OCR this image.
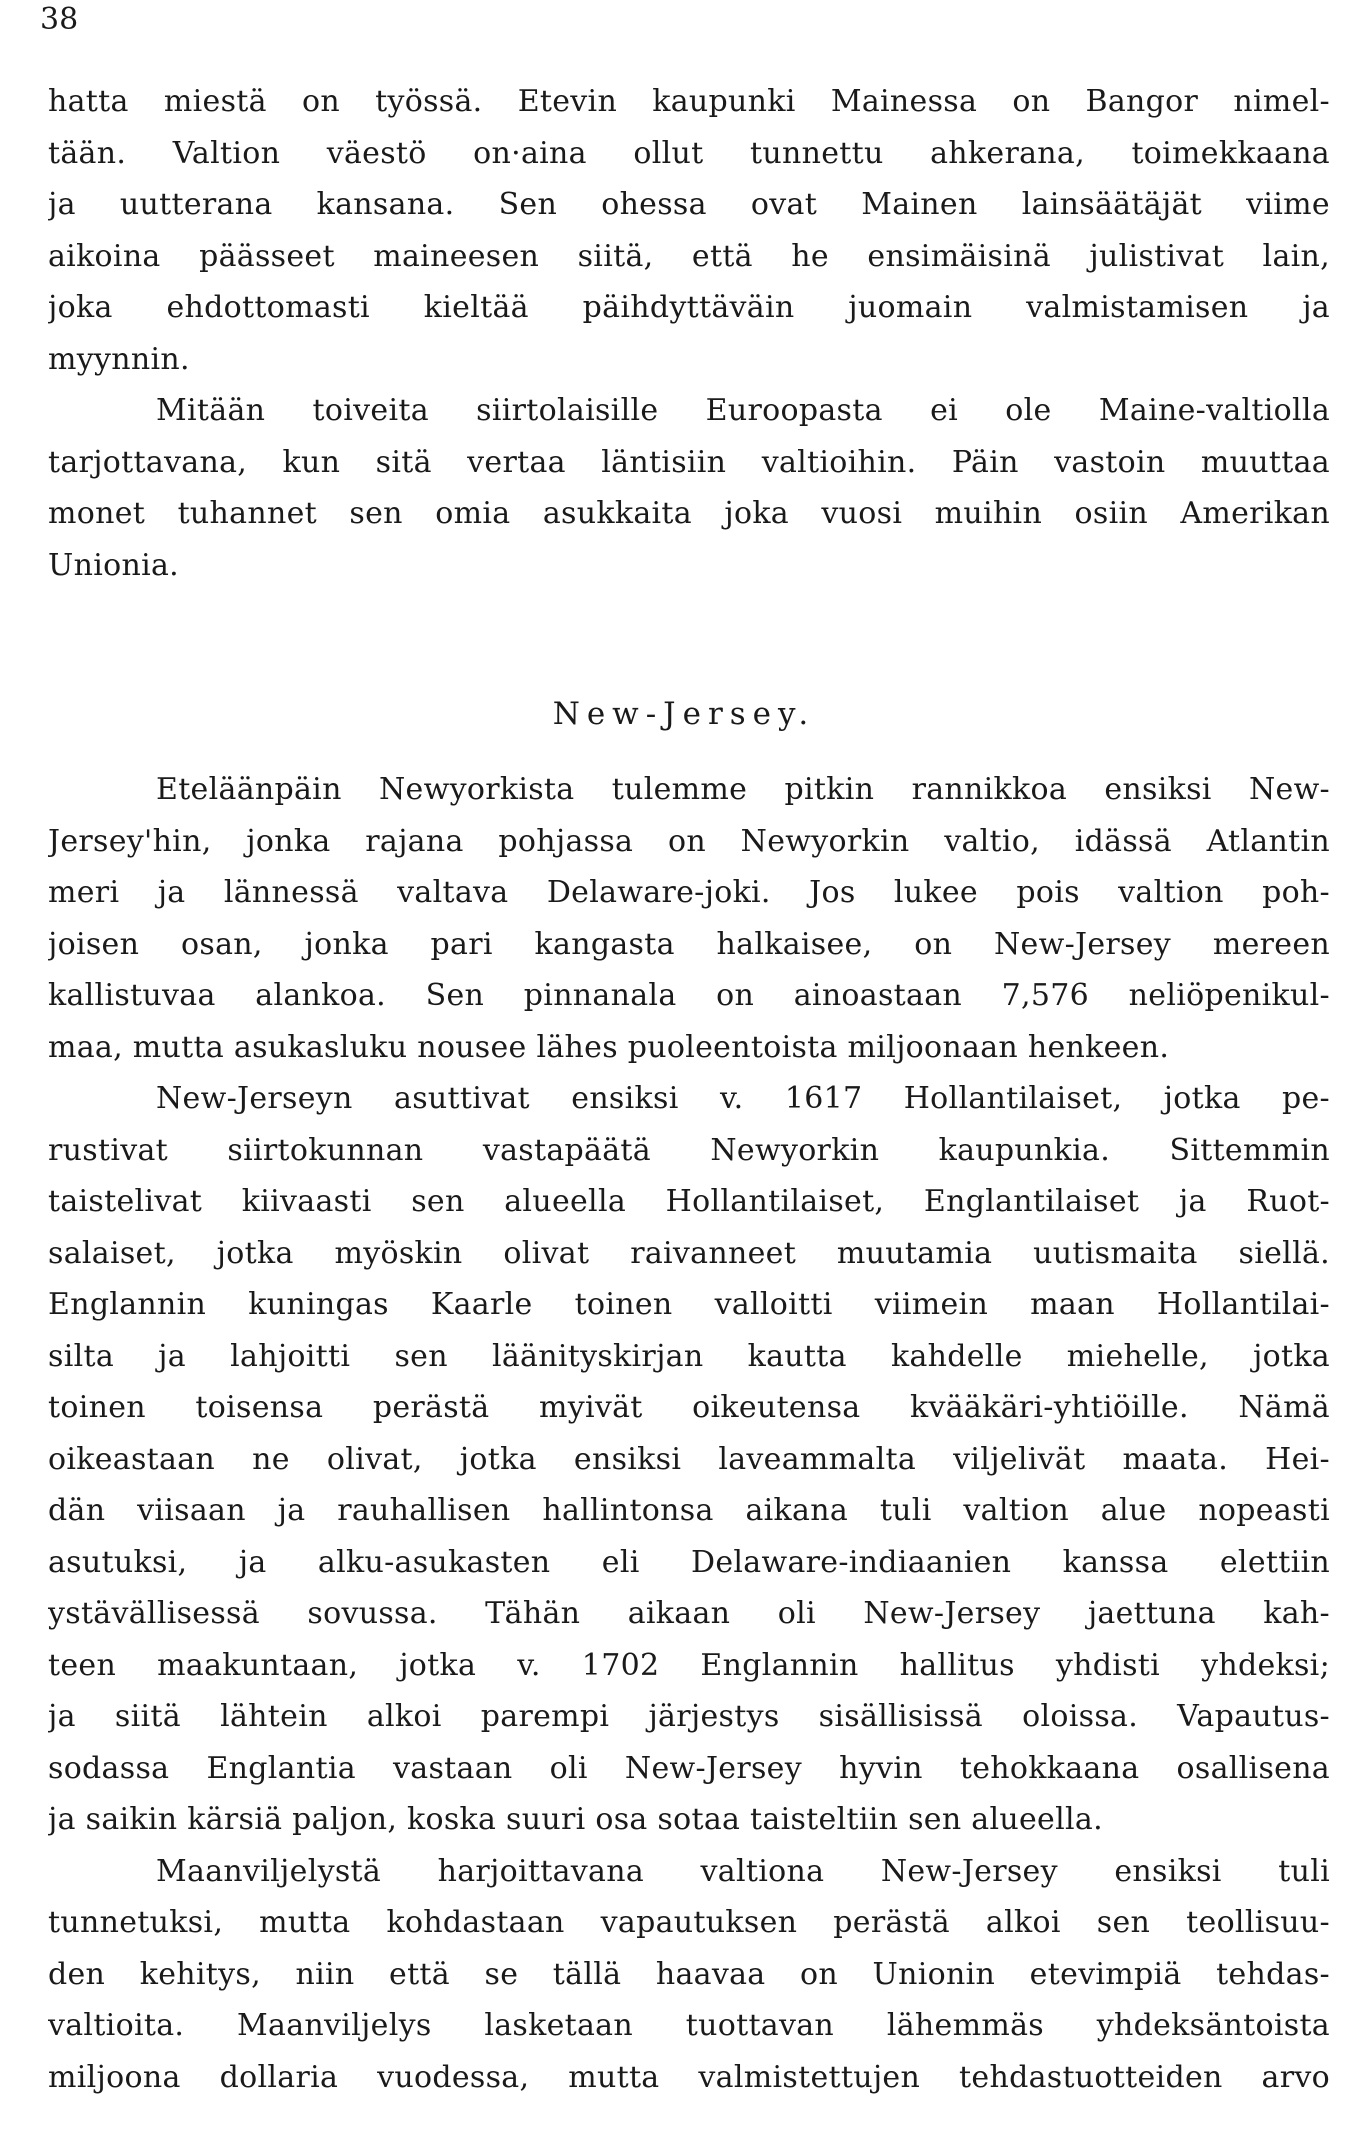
38
hatta miestä on työssä. Etevin kaupunki Mainessa on Bangor nimel-
tään. Valtion väestö on·aina ollut tunnettu ahkerana, toimekkaana
ja uutterana kansana. Sen ohessa ovat Mainen lainsäätäjät viime
aikoina päässeet maineesen siitä, että he ensimäisinä julistivat lain,
joka ehdottomasti kieltää päihdyttäväin juomain valmistamisen ja
myynnin.
Mitään toiveita siirtolaisille Euroopasta ei ole Maine-valtiolla
tarjottavana, kun sitä vertaa läntisiin valtioihin. Päin vastoin muuttaa
monet tuhannet sen omia asukkaita joka vuosi muihin osiin Amerikan
Unionia.
New-Jersey.
Eteläänpäin Newyorkista tulemme pitkin rannikkoa ensiksi New-
Jersey'hin, jonka rajana pohjassa on Newyorkin valtio, idässä Atlantin
meri ja lännessä valtava Delaware-joki. Jos lukee pois valtion poh-
joisen osan, jonka pari kangasta halkaisee, on New-Jersey mereen
kallistuvaa alankoa. Sen pinnanala on ainoastaan 7,576 neliöpenikul-
maa, mutta asukasluku nousee lähes puoleentoista miljoonaan henkeen.
New-Jerseyn asuttivat ensiksi v. 1617 Hollantilaiset, jotka pe-
rustivat siirtokunnan vastapäätä Newyorkin kaupunkia. Sittemmin
taistelivat kiivaasti sen alueella Hollantilaiset, Englantilaiset ja Ruot-
salaiset, jotka myöskin olivat raivanneet muutamia uutismaita siellä.
Englannin kuningas Kaarle toinen valloitti viimein maan Hollantilai-
silta ja lahjoitti sen läänityskirjan kautta kahdelle miehelle, jotka
toinen toisensa perästä myivät oikeutensa kvääkäri-yhtiöille. Nämä
oikeastaan ne olivat, jotka ensiksi laveammalta viljelivät maata. Hei-
dän viisaan ja rauhallisen hallintonsa aikana tuli valtion alue nopeasti
asutuksi, ja alku-asukasten eli Delaware-indiaanien kanssa elettiin
ystävällisessä sovussa. Tähän aikaan oli New-Jersey jaettuna kah-
teen maakuntaan, jotka v. 1702 Englannin hallitus yhdisti yhdeksi;
ja siitä lähtein alkoi parempi järjestys sisällisissä oloissa. Vapautus-
sodassa Englantia vastaan oli New-Jersey hyvin tehokkaana osallisena
ja saikin kärsiä paljon, koska suuri osa sotaa taisteltiin sen alueella.
Maanviljelystä harjoittavana valtiona New-Jersey ensiksi tuli
tunnetuksi, mutta kohdastaan vapautuksen perästä alkoi sen teollisuu-
den kehitys, niin että se tällä haavaa on Unionin etevimpiä tehdas-
valtioita. Maanviljelys lasketaan tuottavan lähemmäs yhdeksäntoista
miljoona dollaria vuodessa, mutta valmistettujen tehdastuotteiden arvo
